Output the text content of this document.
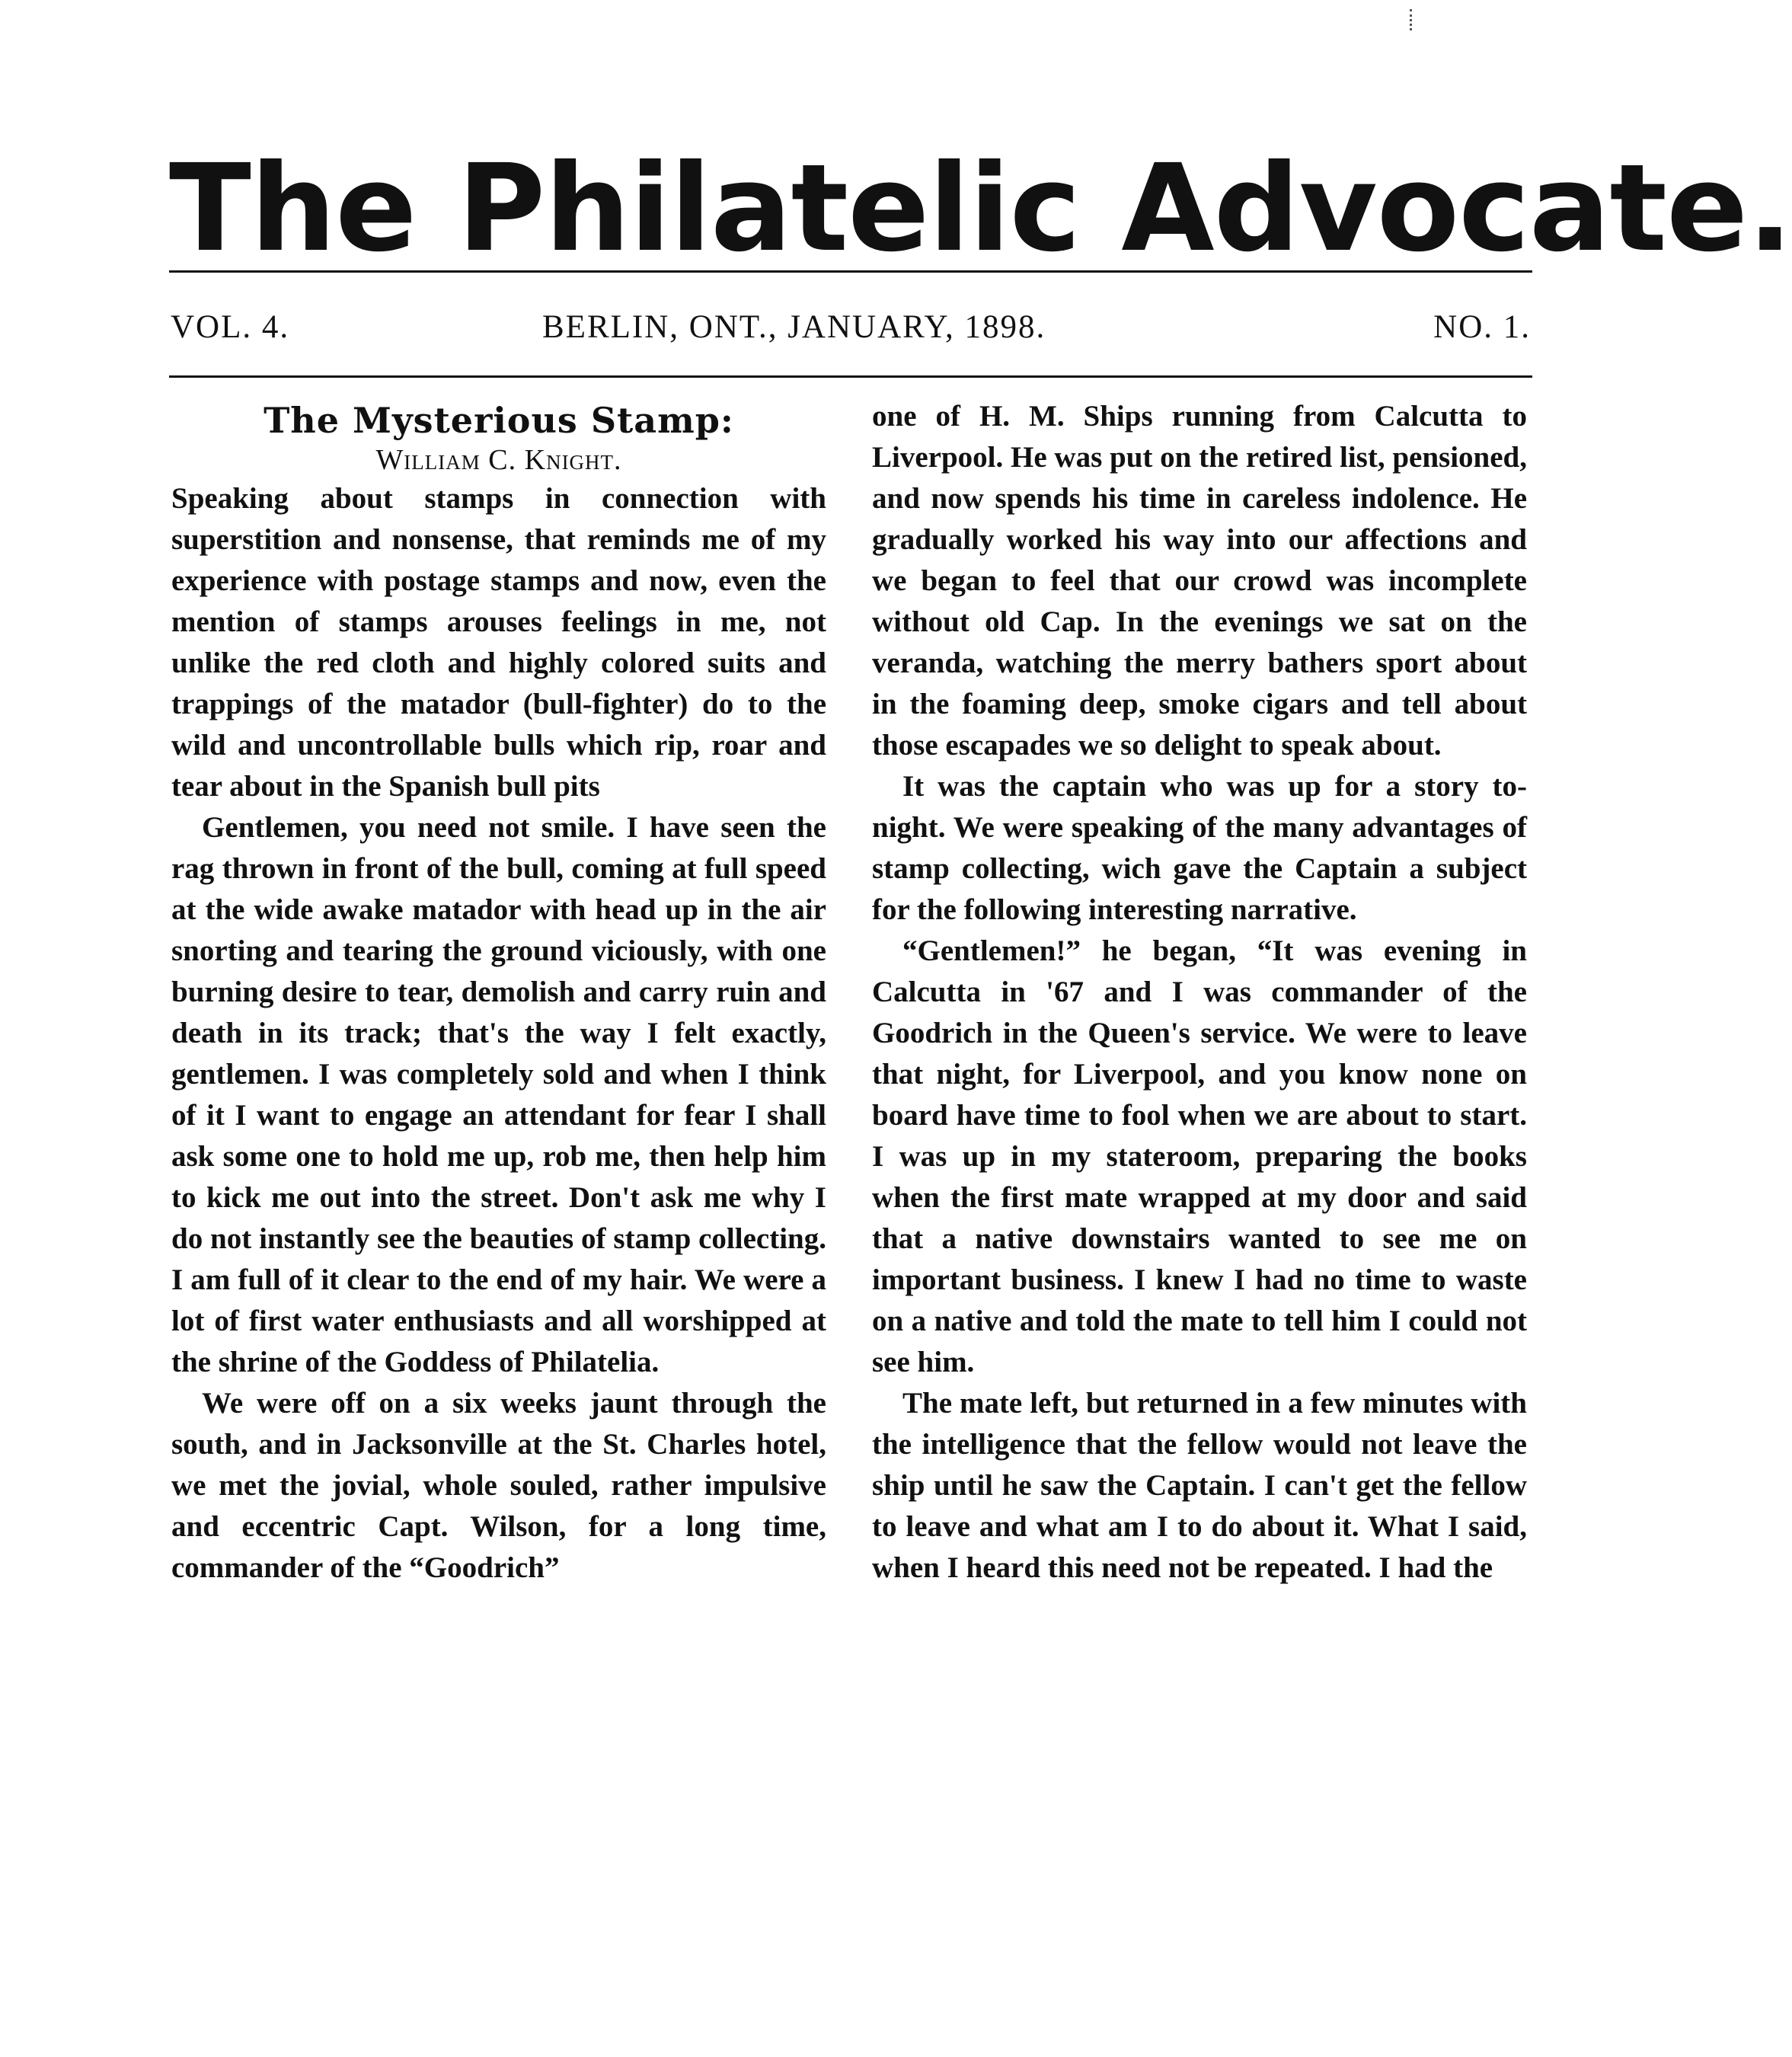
The Philatelic Advocate.
VOL. 4.	BERLIN, ONT., JANUARY, 1898.	NO. 1.
The Mysterious Stamp:
William C. Knight.

Speaking about stamps in connection with superstition and nonsense, that reminds me of my experience with postage stamps and now, even the mention of stamps arouses feelings in me, not unlike the red cloth and highly colored suits and trappings of the matador (bull-fighter) do to the wild and uncontrollable bulls which rip, roar and tear about in the Spanish bull pits

Gentlemen, you need not smile. I have seen the rag thrown in front of the bull, coming at full speed at the wide awake matador with head up in the air snorting and tearing the ground viciously, with one burning desire to tear, demolish and carry ruin and death in its track; that's the way I felt exactly, gentlemen. I was completely sold and when I think of it I want to engage an attendant for fear I shall ask some one to hold me up, rob me, then help him to kick me out into the street. Don't ask me why I do not instantly see the beauties of stamp collecting. I am full of it clear to the end of my hair. We were a lot of first water enthusiasts and all worshipped at the shrine of the Goddess of Philatelia.

We were off on a six weeks jaunt through the south, and in Jacksonville at the St. Charles hotel, we met the jovial, whole souled, rather impulsive and eccentric Capt. Wilson, for a long time, commander of the “Goodrich”

one of H. M. Ships running from Calcutta to Liverpool. He was put on the retired list, pensioned, and now spends his time in careless indolence. He gradually worked his way into our affections and we began to feel that our crowd was incomplete without old Cap. In the evenings we sat on the veranda, watching the merry bathers sport about in the foaming deep, smoke cigars and tell about those escapades we so delight to speak about.

It was the captain who was up for a story to-night. We were speaking of the many advantages of stamp collecting, wich gave the Captain a subject for the following interesting narrative.

“Gentlemen!” he began, “It was evening in Calcutta in '67 and I was commander of the Goodrich in the Queen's service. We were to leave that night, for Liverpool, and you know none on board have time to fool when we are about to start. I was up in my stateroom, preparing the books when the first mate wrapped at my door and said that a native downstairs wanted to see me on important business. I knew I had no time to waste on a native and told the mate to tell him I could not see him.

The mate left, but returned in a few minutes with the intelligence that the fellow would not leave the ship until he saw the Captain. I can't get the fellow to leave and what am I to do about it. What I said, when I heard this need not be repeated. I had the
